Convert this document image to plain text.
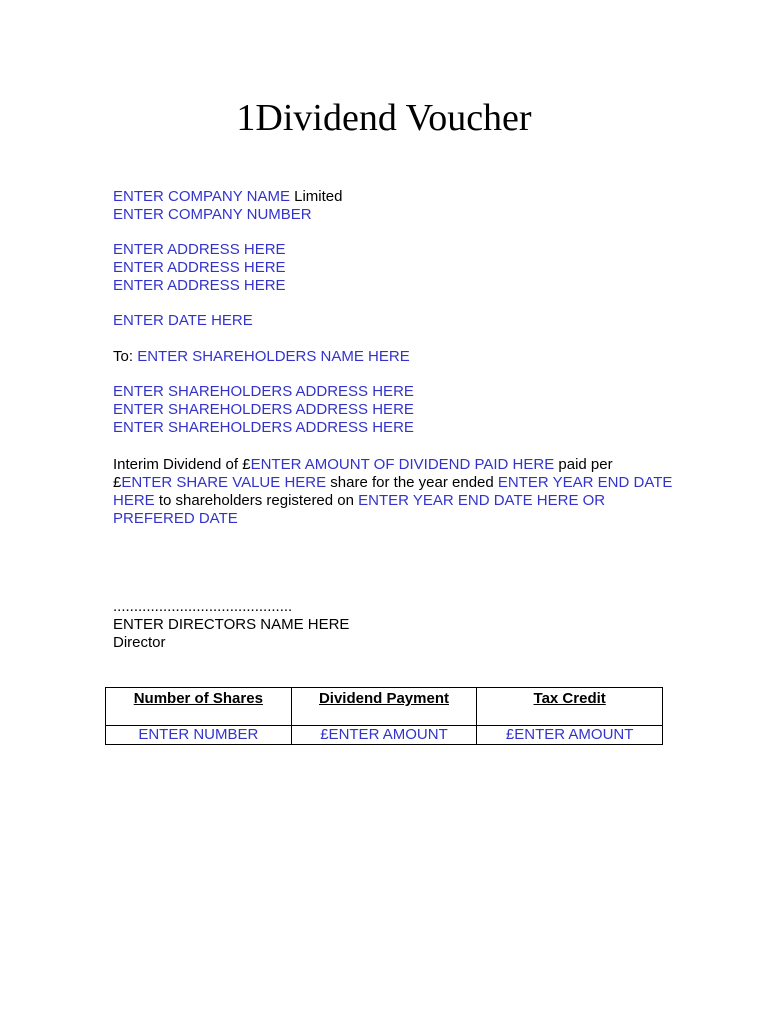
1Dividend Voucher
ENTER COMPANY NAME Limited
ENTER COMPANY NUMBER
ENTER ADDRESS HERE
ENTER ADDRESS HERE
ENTER ADDRESS HERE
ENTER DATE HERE
To: ENTER SHAREHOLDERS NAME HERE
ENTER SHAREHOLDERS ADDRESS HERE
ENTER SHAREHOLDERS ADDRESS HERE
ENTER SHAREHOLDERS ADDRESS HERE
Interim Dividend of £ENTER AMOUNT OF DIVIDEND PAID HERE paid per £ENTER SHARE VALUE HERE share for the year ended ENTER YEAR END DATE HERE to shareholders registered on ENTER YEAR END DATE HERE OR PREFERED DATE
...........................................
ENTER DIRECTORS NAME HERE
Director
Number of Shares	Dividend Payment	Tax Credit
ENTER NUMBER	£ENTER AMOUNT	£ENTER AMOUNT
